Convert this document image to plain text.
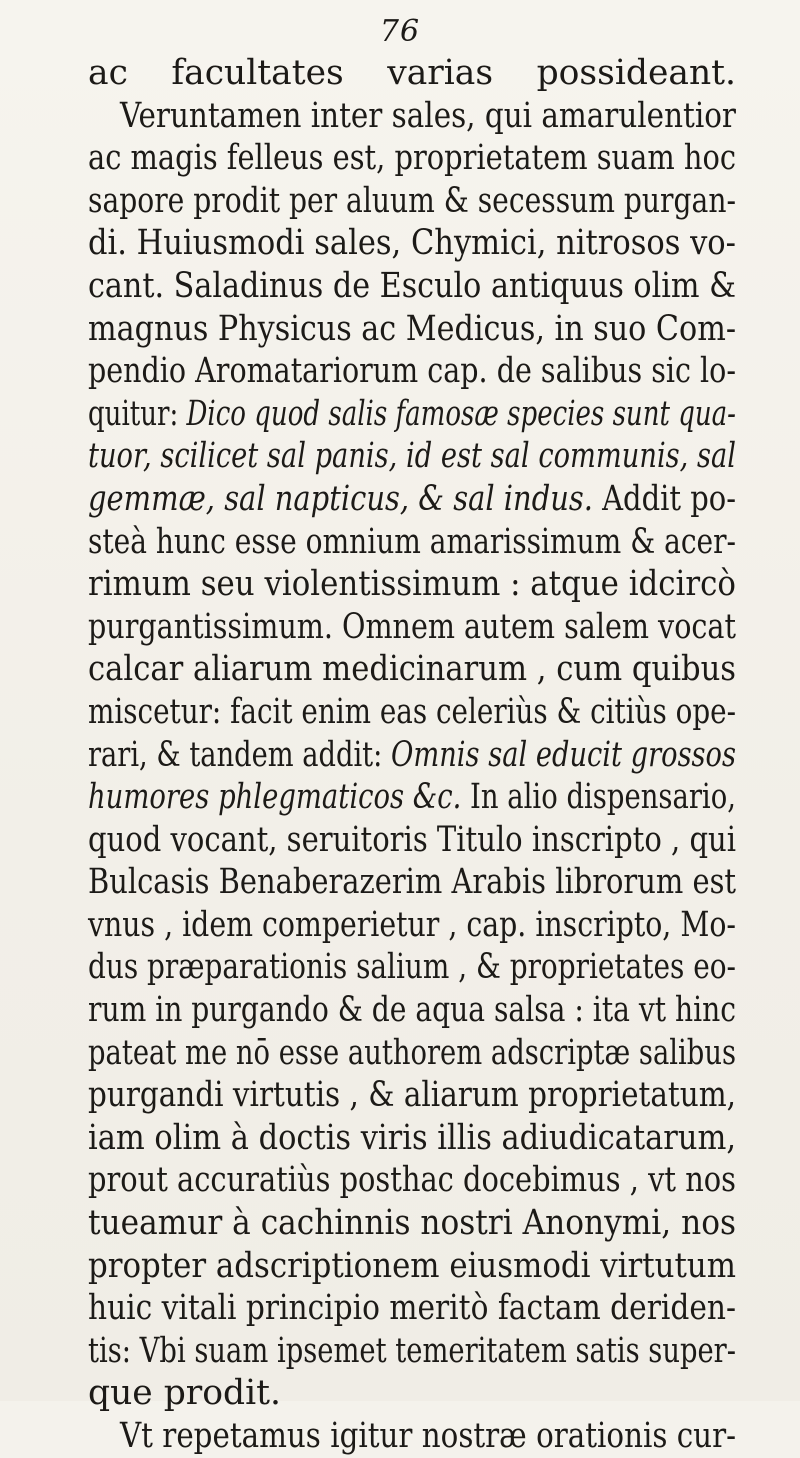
76
ac facultates varias possideant.
Veruntamen inter sales, qui amarulentior
ac magis felleus est, proprietatem suam hoc
sapore prodit per aluum & secessum purgan-
di. Huiusmodi sales, Chymici, nitrosos vo-
cant. Saladinus de Esculo antiquus olim &
magnus Physicus ac Medicus, in suo Com-
pendio Aromatariorum cap. de salibus sic lo-
quitur: Dico quod salis famosæ species sunt qua-
tuor, scilicet sal panis, id est sal communis, sal
gemmæ, sal napticus, & sal indus. Addit po-
steà hunc esse omnium amarissimum & acer-
rimum seu violentissimum : atque idcircò
purgantissimum. Omnem autem salem vocat
calcar aliarum medicinarum , cum quibus
miscetur: facit enim eas celeriùs & citiùs ope-
rari, & tandem addit: Omnis sal educit grossos
humores phlegmaticos &c. In alio dispensario,
quod vocant, seruitoris Titulo inscripto , qui
Bulcasis Benaberazerim Arabis librorum est
vnus , idem comperietur , cap. inscripto, Mo-
dus præparationis salium , & proprietates eo-
rum in purgando & de aqua salsa : ita vt hinc
pateat me nō esse authorem adscriptæ salibus
purgandi virtutis , & aliarum proprietatum,
iam olim à doctis viris illis adiudicatarum,
prout accuratiùs posthac docebimus , vt nos
tueamur à cachinnis nostri Anonymi, nos
propter adscriptionem eiusmodi virtutum
huic vitali principio meritò factam deriden-
tis: Vbi suam ipsemet temeritatem satis super-
que prodit.
Vt repetamus igitur nostræ orationis cur-
